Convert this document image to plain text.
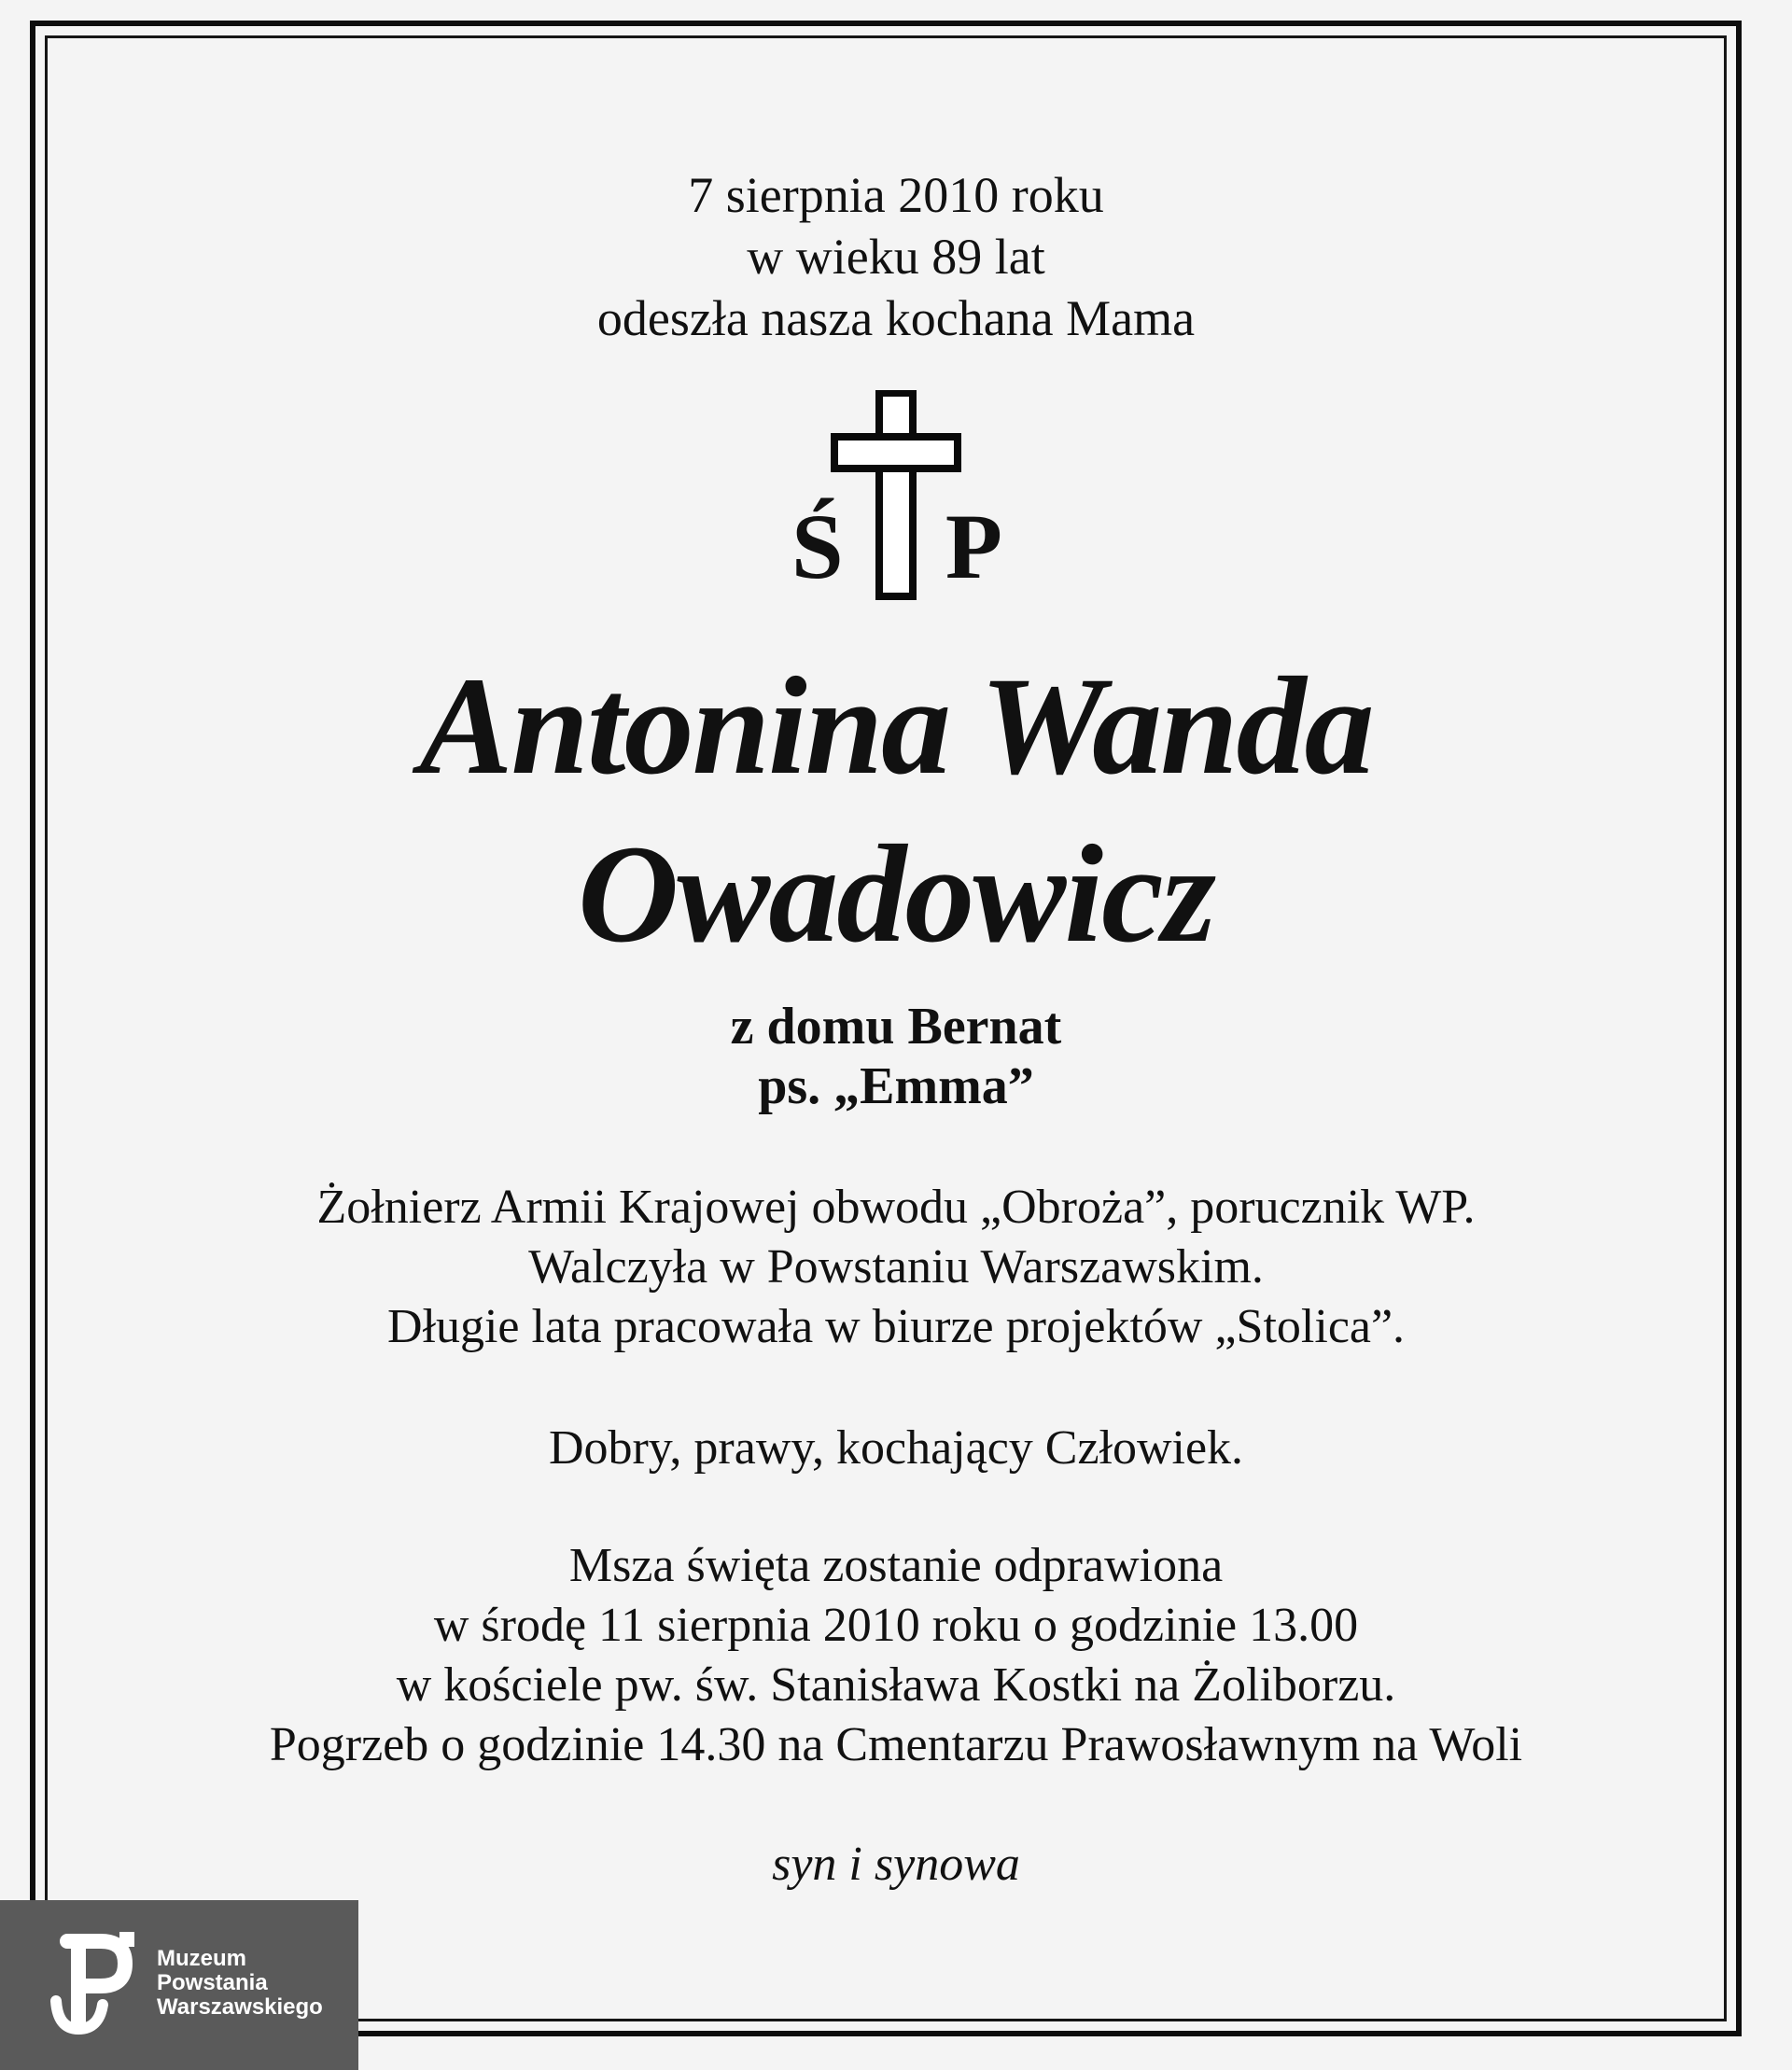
7 sierpnia 2010 roku
w wieku 89 lat
odeszła nasza kochana Mama
Ś P
Antonina Wanda
Owadowicz
z domu Bernat
ps. „Emma”
Żołnierz Armii Krajowej obwodu „Obroża”, porucznik WP.
Walczyła w Powstaniu Warszawskim.
Długie lata pracowała w biurze projektów „Stolica”.
Dobry, prawy, kochający Człowiek.
Msza święta zostanie odprawiona
w środę 11 sierpnia 2010 roku o godzinie 13.00
w kościele pw. św. Stanisława Kostki na Żoliborzu.
Pogrzeb o godzinie 14.30 na Cmentarzu Prawosławnym na Woli
syn i synowa
Muzeum
Powstania
Warszawskiego
